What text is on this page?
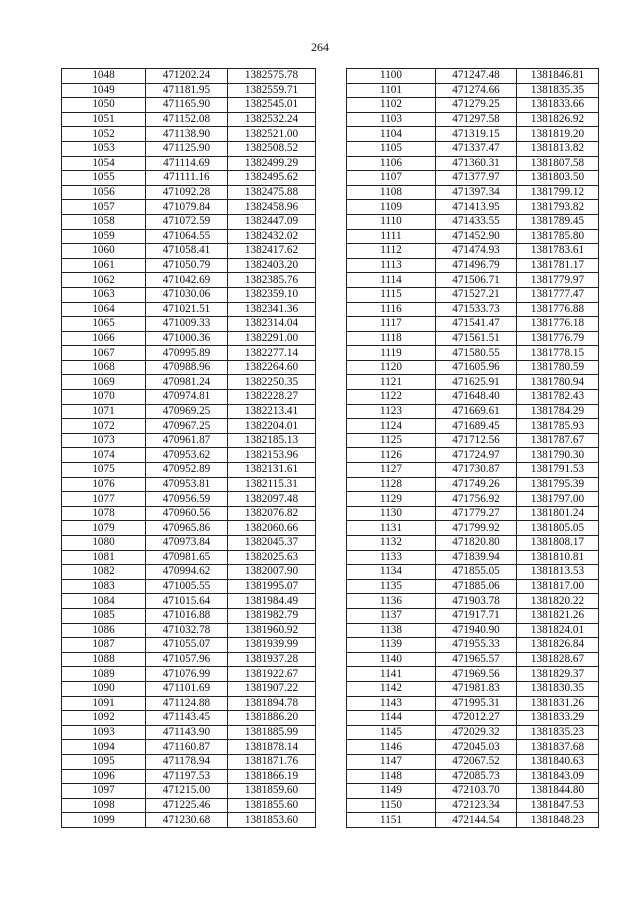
264
1048	471202.24	1382575.78
1049	471181.95	1382559.71
1050	471165.90	1382545.01
1051	471152.08	1382532.24
1052	471138.90	1382521.00
1053	471125.90	1382508.52
1054	471114.69	1382499.29
1055	471111.16	1382495.62
1056	471092.28	1382475.88
1057	471079.84	1382458.96
1058	471072.59	1382447.09
1059	471064.55	1382432.02
1060	471058.41	1382417.62
1061	471050.79	1382403.20
1062	471042.69	1382385.76
1063	471030.06	1382359.10
1064	471021.51	1382341.36
1065	471009.33	1382314.04
1066	471000.36	1382291.00
1067	470995.89	1382277.14
1068	470988.96	1382264.60
1069	470981.24	1382250.35
1070	470974.81	1382228.27
1071	470969.25	1382213.41
1072	470967.25	1382204.01
1073	470961.87	1382185.13
1074	470953.62	1382153.96
1075	470952.89	1382131.61
1076	470953.81	1382115.31
1077	470956.59	1382097.48
1078	470960.56	1382076.82
1079	470965.86	1382060.66
1080	470973.84	1382045.37
1081	470981.65	1382025.63
1082	470994.62	1382007.90
1083	471005.55	1381995.07
1084	471015.64	1381984.49
1085	471016.88	1381982.79
1086	471032.78	1381960.92
1087	471055.07	1381939.99
1088	471057.96	1381937.28
1089	471076.99	1381922.67
1090	471101.69	1381907.22
1091	471124.88	1381894.78
1092	471143.45	1381886.20
1093	471143.90	1381885.99
1094	471160.87	1381878.14
1095	471178.94	1381871.76
1096	471197.53	1381866.19
1097	471215.00	1381859.60
1098	471225.46	1381855.60
1099	471230.68	1381853.60
1100	471247.48	1381846.81
1101	471274.66	1381835.35
1102	471279.25	1381833.66
1103	471297.58	1381826.92
1104	471319.15	1381819.20
1105	471337.47	1381813.82
1106	471360.31	1381807.58
1107	471377.97	1381803.50
1108	471397.34	1381799.12
1109	471413.95	1381793.82
1110	471433.55	1381789.45
1111	471452.90	1381785.80
1112	471474.93	1381783.61
1113	471496.79	1381781.17
1114	471506.71	1381779.97
1115	471527.21	1381777.47
1116	471533.73	1381776.88
1117	471541.47	1381776.18
1118	471561.51	1381776.79
1119	471580.55	1381778.15
1120	471605.96	1381780.59
1121	471625.91	1381780.94
1122	471648.40	1381782.43
1123	471669.61	1381784.29
1124	471689.45	1381785.93
1125	471712.56	1381787.67
1126	471724.97	1381790.30
1127	471730.87	1381791.53
1128	471749.26	1381795.39
1129	471756.92	1381797.00
1130	471779.27	1381801.24
1131	471799.92	1381805.05
1132	471820.80	1381808.17
1133	471839.94	1381810.81
1134	471855.05	1381813.53
1135	471885.06	1381817.00
1136	471903.78	1381820.22
1137	471917.71	1381821.26
1138	471940.90	1381824.01
1139	471955.33	1381826.84
1140	471965.57	1381828.67
1141	471969.56	1381829.37
1142	471981.83	1381830.35
1143	471995.31	1381831.26
1144	472012.27	1381833.29
1145	472029.32	1381835.23
1146	472045.03	1381837.68
1147	472067.52	1381840.63
1148	472085.73	1381843.09
1149	472103.70	1381844.80
1150	472123.34	1381847.53
1151	472144.54	1381848.23
